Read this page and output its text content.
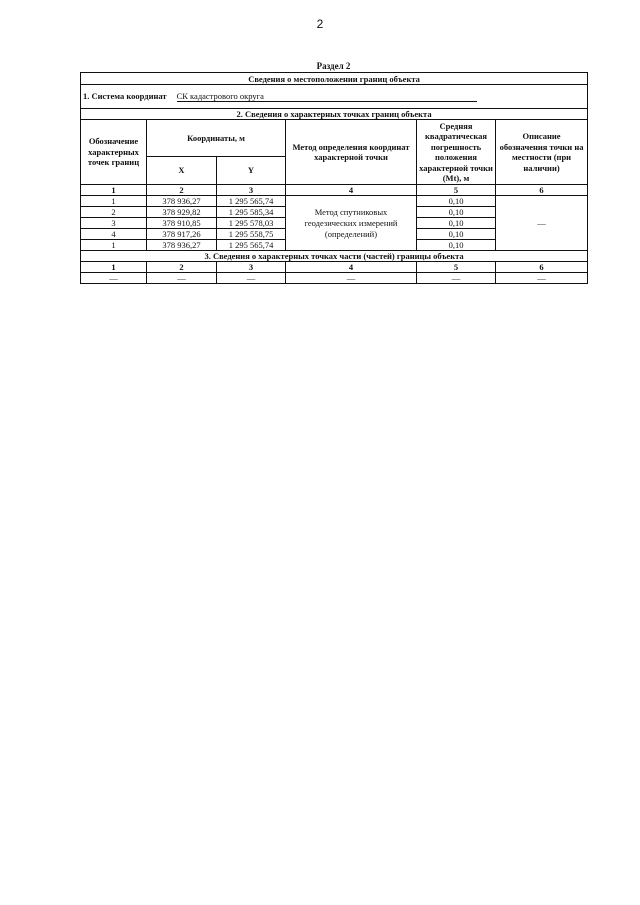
2
Раздел 2
Сведения о местоположении границ объекта					
1. Система координат СК кадастрового округа					
2. Сведения о характерных точках границ объекта					
Обозначение характерных точек границ	Координаты, м		Метод определения координат характерной точки	Средняя квадратическая погрешность положения характерной точки (Mt), м	Описание обозначения точки на местности (при наличии)
	X	Y			
1	2	3	4	5	6
1	378 936,27	1 295 565,74	Метод спутниковых геодезических измерений (определений)	0,10	—
2	378 929,82	1 295 585,34		0,10	
3	378 910,85	1 295 578,03		0,10	
4	378 917,26	1 295 558,75		0,10	
1	378 936,27	1 295 565,74		0,10	
3. Сведения о характерных точках части (частей) границы объекта					
1	2	3	4	5	6
—	—	—	—	—	—
